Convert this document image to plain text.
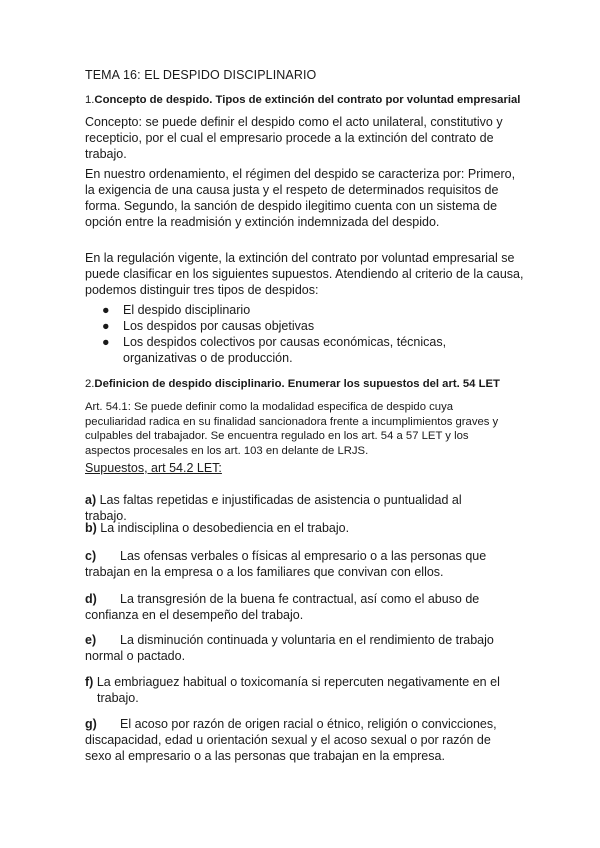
TEMA 16: EL DESPIDO DISCIPLINARIO

1.Concepto de despido. Tipos de extinción del contrato por voluntad empresarial

Concepto: se puede definir el despido como el acto unilateral, constitutivo y recepticio, por el cual el empresario procede a la extinción del contrato de trabajo.

En nuestro ordenamiento, el régimen del despido se caracteriza por: Primero, la exigencia de una causa justa y el respeto de determinados requisitos de forma. Segundo, la sanción de despido ilegitimo cuenta con un sistema de opción entre la readmisión y extinción indemnizada del despido.

En la regulación vigente, la extinción del contrato por voluntad empresarial se puede clasificar en los siguientes supuestos. Atendiendo al criterio de la causa, podemos distinguir tres tipos de despidos:

● El despido disciplinario
● Los despidos por causas objetivas
● Los despidos colectivos por causas económicas, técnicas, organizativas o de producción.

2.Definicion de despido disciplinario. Enumerar los supuestos del art. 54 LET

Art. 54.1: Se puede definir como la modalidad especifica de despido cuya peculiaridad radica en su finalidad sancionadora frente a incumplimientos graves y culpables del trabajador. Se encuentra regulado en los art. 54 a 57 LET y los aspectos procesales en los art. 103 en delante de LRJS.

Supuestos, art 54.2 LET:

a) Las faltas repetidas e injustificadas de asistencia o puntualidad al trabajo.

b) La indisciplina o desobediencia en el trabajo.

c) Las ofensas verbales o físicas al empresario o a las personas que trabajan en la empresa o a los familiares que convivan con ellos.

d) La transgresión de la buena fe contractual, así como el abuso de confianza en el desempeño del trabajo.

e) La disminución continuada y voluntaria en el rendimiento de trabajo normal o pactado.

f) La embriaguez habitual o toxicomanía si repercuten negativamente en el trabajo.

g) El acoso por razón de origen racial o étnico, religión o convicciones, discapacidad, edad u orientación sexual y el acoso sexual o por razón de sexo al empresario o a las personas que trabajan en la empresa.
